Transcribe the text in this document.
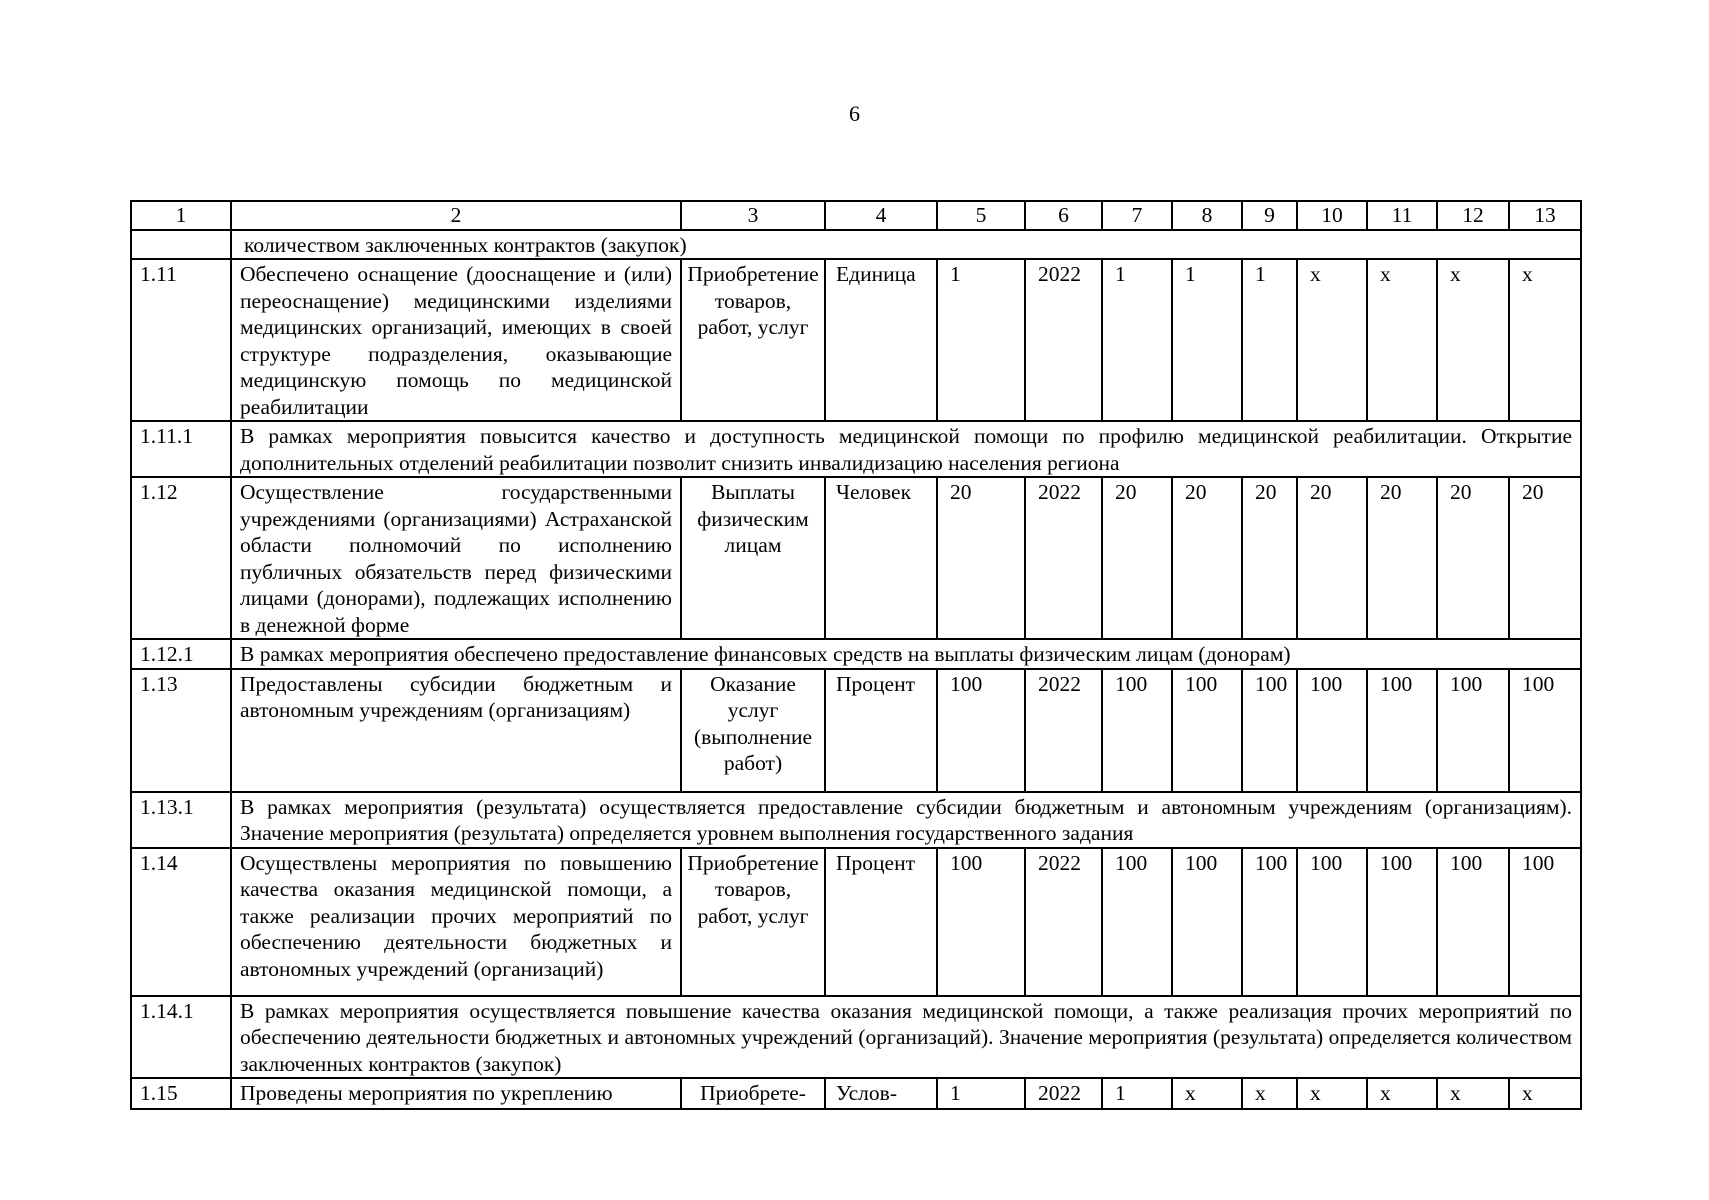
6
1	2	3	4	5	6	7	8	9	10	11	12	13
	количеством заключенных контрактов (закупок)											
1.11	Обеспечено оснащение (дооснащение и (или) переоснащение) медицинскими изделиями медицинских организаций, имеющих в своей структуре подразделения, оказывающие медицинскую помощь по медицинской реабилитации	Приобретение товаров, работ, услуг	Единица	1	2022	1	1	1	x	x	x	x
1.11.1	В рамках мероприятия повысится качество и доступность медицинской помощи по профилю медицинской реабилитации. Открытие дополнительных отделений реабилитации позволит снизить инвалидизацию населения региона											
1.12	Осуществление государственными учреждениями (организациями) Астраханской области полномочий по исполнению публичных обязательств перед физическими лицами (донорами), подлежащих исполнению в денежной форме	Выплаты физическим лицам	Человек	20	2022	20	20	20	20	20	20	20
1.12.1	В рамках мероприятия обеспечено предоставление финансовых средств на выплаты физическим лицам (донорам)											
1.13	Предоставлены субсидии бюджетным и автономным учреждениям (организациям)	Оказание услуг (выполнение работ)	Процент	100	2022	100	100	100	100	100	100	100
1.13.1	В рамках мероприятия (результата) осуществляется предоставление субсидии бюджетным и автономным учреждениям (организациям). Значение мероприятия (результата) определяется уровнем выполнения государственного задания											
1.14	Осуществлены мероприятия по повышению качества оказания медицинской помощи, а также реализации прочих мероприятий по обеспечению деятельности бюджетных и автономных учреждений (организаций)	Приобретение товаров, работ, услуг	Процент	100	2022	100	100	100	100	100	100	100
1.14.1	В рамках мероприятия осуществляется повышение качества оказания медицинской помощи, а также реализация прочих мероприятий по обеспечению деятельности бюджетных и автономных учреждений (организаций). Значение мероприятия (результата) определяется количеством заключенных контрактов (закупок)											
1.15	Проведены мероприятия по укреплению	Приобрете-	Услов-	1	2022	1	x	x	x	x	x	x
